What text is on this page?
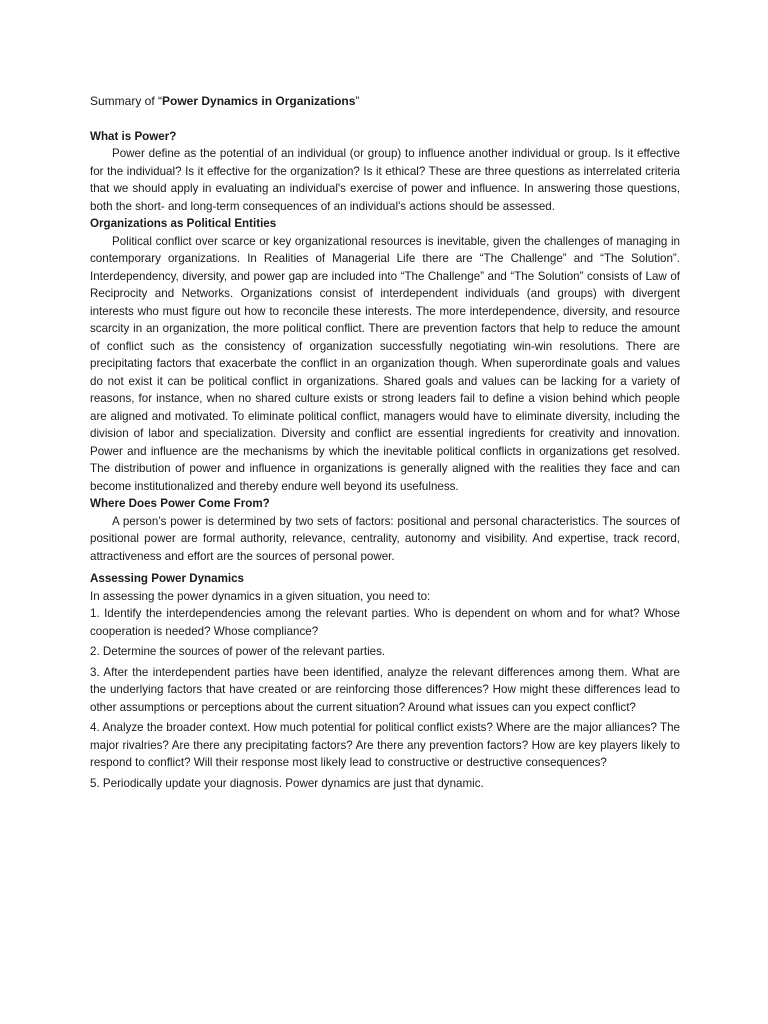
Summary of “Power Dynamics in Organizations”

What is Power?

Power define as the potential of an individual (or group) to influence another individual or group. Is it effective for the individual? Is it effective for the organization? Is it ethical? These are three questions as interrelated criteria that we should apply in evaluating an individual's exercise of power and influence. In answering those questions, both the short- and long-term consequences of an individual's actions should be assessed.

Organizations as Political Entities

Political conflict over scarce or key organizational resources is inevitable, given the challenges of managing in contemporary organizations. In Realities of Managerial Life there are “The Challenge” and “The Solution”. Interdependency, diversity, and power gap are included into “The Challenge” and “The Solution” consists of Law of Reciprocity and Networks. Organizations consist of interdependent individuals (and groups) with divergent interests who must figure out how to reconcile these interests. The more interdependence, diversity, and resource scarcity in an organization, the more political conflict. There are prevention factors that help to reduce the amount of conflict such as the consistency of organization successfully negotiating win-win resolutions. There are precipitating factors that exacerbate the conflict in an organization though. When superordinate goals and values do not exist it can be political conflict in organizations. Shared goals and values can be lacking for a variety of reasons, for instance, when no shared culture exists or strong leaders fail to define a vision behind which people are aligned and motivated. To eliminate political conflict, managers would have to eliminate diversity, including the division of labor and specialization. Diversity and conflict are essential ingredients for creativity and innovation. Power and influence are the mechanisms by which the inevitable political conflicts in organizations get resolved. The distribution of power and influence in organizations is generally aligned with the realities they face and can become institutionalized and thereby endure well beyond its usefulness.

Where Does Power Come From?

A person’s power is determined by two sets of factors: positional and personal characteristics. The sources of positional power are formal authority, relevance, centrality, autonomy and visibility. And expertise, track record, attractiveness and effort are the sources of personal power.

Assessing Power Dynamics

In assessing the power dynamics in a given situation, you need to:

1. Identify the interdependencies among the relevant parties. Who is dependent on whom and for what? Whose cooperation is needed? Whose compliance?
2. Determine the sources of power of the relevant parties.
3. After the interdependent parties have been identified, analyze the relevant differences among them. What are the underlying factors that have created or are reinforcing those differences? How might these differences lead to other assumptions or perceptions about the current situation? Around what issues can you expect conflict?
4. Analyze the broader context. How much potential for political conflict exists? Where are the major alliances? The major rivalries? Are there any precipitating factors? Are there any prevention factors? How are key players likely to respond to conflict? Will their response most likely lead to constructive or destructive consequences?
5. Periodically update your diagnosis. Power dynamics are just that dynamic.
